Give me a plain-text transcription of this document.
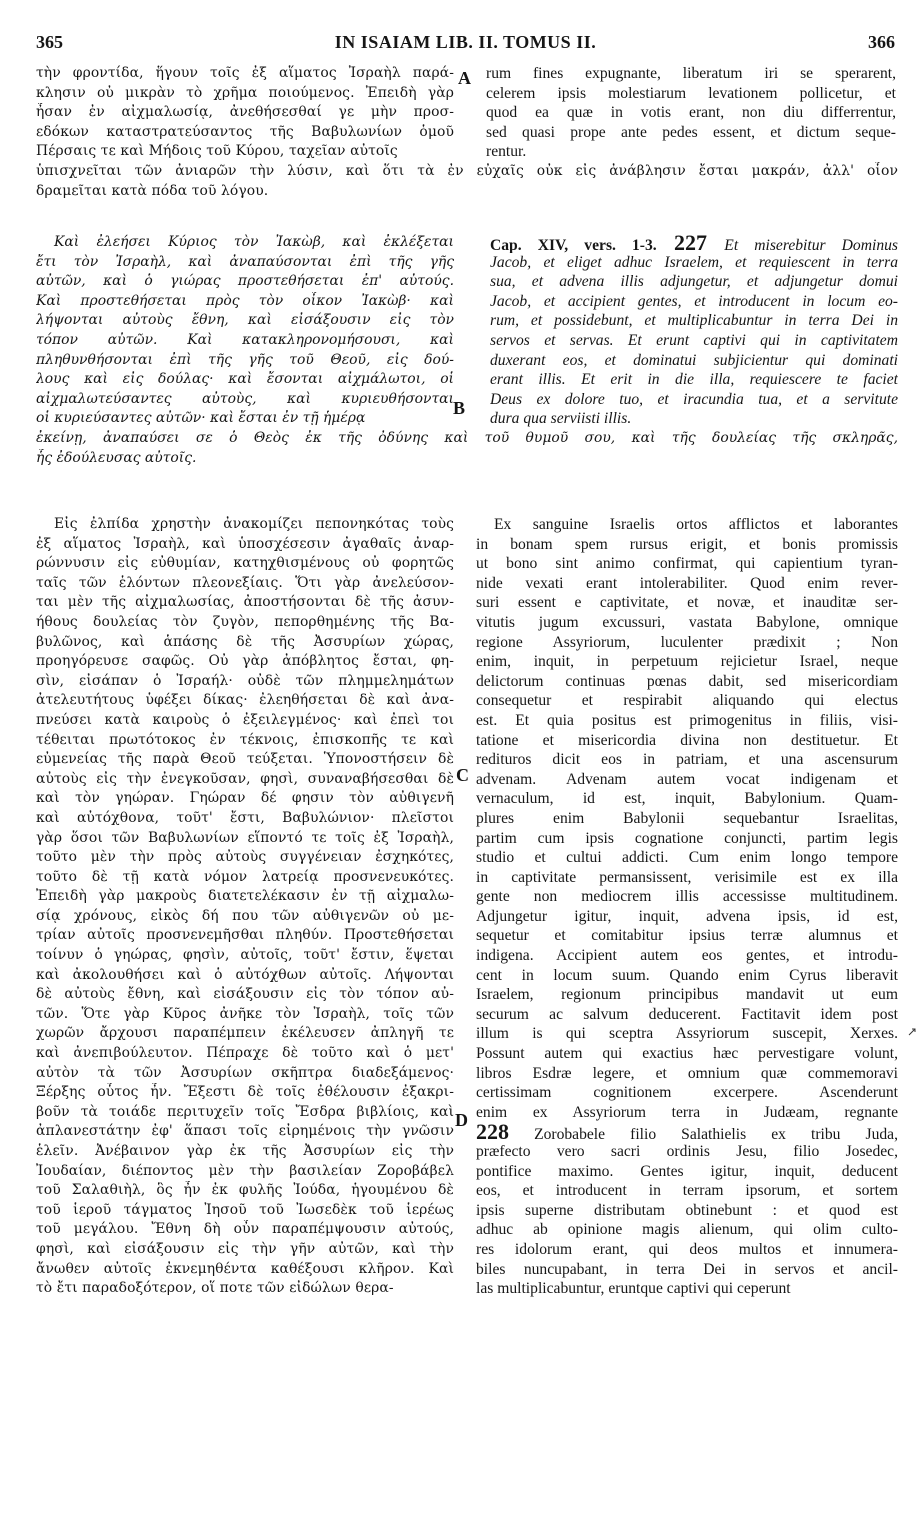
365	IN ISAIAM LIB. II. TOMUS II.	366
A
B
C
D
τὴν φροντίδα, ἥγουν τοῖς ἐξ αἵματος Ἰσραὴλ παρά-
κλησιν οὐ μικρὰν τὸ χρῆμα ποιούμενος. Ἐπειδὴ γὰρ
ἦσαν ἐν αἰχμαλωσίᾳ, ἀνεθήσεσθαί γε μὴν προσ-
εδόκων καταστρατεύσαντος τῆς Βαβυλωνίων ὁμοῦ
Πέρσαις τε καὶ Μήδοις τοῦ Κύρου, ταχεῖαν αὐτοῖς
rum fines expugnante, liberatum iri se sperarent,
celerem ipsis molestiarum levationem pollicetur, et
quod ea quæ in votis erant, non diu differrentur,
sed quasi prope ante pedes essent, et dictum seque-
rentur.
ὑπισχνεῖται τῶν ἀνιαρῶν τὴν λύσιν, καὶ ὅτι τὰ ἐν εὐχαῖς οὐκ εἰς ἀνάβλησιν ἔσται μακράν, ἀλλ' οἷον
δραμεῖται κατὰ πόδα τοῦ λόγου.
Καὶ ἐλεήσει Κύριος τὸν Ἰακὼβ, καὶ ἐκλέξεται
ἔτι τὸν Ἰσραὴλ, καὶ ἀναπαύσονται ἐπὶ τῆς γῆς
αὐτῶν, καὶ ὁ γιώρας προστεθήσεται ἐπ' αὐτούς.
Καὶ προστεθήσεται πρὸς τὸν οἶκον Ἰακὼβ· καὶ
λήψονται αὐτοὺς ἔθνη, καὶ εἰσάξουσιν εἰς τὸν
τόπον αὐτῶν. Καὶ κατακληρονομήσουσι, καὶ
πληθυνθήσονται ἐπὶ τῆς γῆς τοῦ Θεοῦ, εἰς δού-
λους καὶ εἰς δούλας· καὶ ἔσονται αἰχμάλωτοι, οἱ
αἰχμαλωτεύσαντες αὐτοὺς, καὶ κυριευθήσονται
οἱ κυριεύσαντες αὐτῶν· καὶ ἔσται ἐν τῇ ἡμέρᾳ
Cap. XIV, vers. 1-3. 227 Et miserebitur Dominus
Jacob, et eliget adhuc Israelem, et requiescent in terra
sua, et advena illis adjungetur, et adjungetur domui
Jacob, et accipient gentes, et introducent in locum eo-
rum, et possidebunt, et multiplicabuntur in terra Dei in
servos et servas. Et erunt captivi qui in captivitatem
duxerant eos, et dominatui subjicientur qui dominati
erant illis. Et erit in die illa, requiescere te faciet
Deus ex dolore tuo, et iracundia tua, et a servitute
dura qua serviisti illis.
ἐκείνῃ, ἀναπαύσει σε ὁ Θεὸς ἐκ τῆς ὀδύνης καὶ τοῦ θυμοῦ σου, καὶ τῆς δουλείας τῆς σκληρᾶς,
ἧς ἐδούλευσας αὐτοῖς.
Εἰς ἐλπίδα χρηστὴν ἀνακομίζει πεπονηκότας τοὺς
ἐξ αἵματος Ἰσραὴλ, καὶ ὑποσχέσεσιν ἀγαθαῖς ἀναρ-
ρώννυσιν εἰς εὐθυμίαν, κατηχθισμένους οὐ φορητῶς
ταῖς τῶν ἑλόντων πλεονεξίαις. Ὅτι γὰρ ἀνελεύσον-
ται μὲν τῆς αἰχμαλωσίας, ἀποστήσονται δὲ τῆς ἀσυν-
ήθους δουλείας τὸν ζυγὸν, πεπορθημένης τῆς Βα-
βυλῶνος, καὶ ἁπάσης δὲ τῆς Ἀσσυρίων χώρας,
προηγόρευσε σαφῶς. Οὐ γὰρ ἀπόβλητος ἔσται, φη-
σὶν, εἰσάπαν ὁ Ἰσραήλ· οὐδὲ τῶν πλημμελημάτων
ἀτελευτήτους ὑφέξει δίκας· ἐλεηθήσεται δὲ καὶ ἀνα-
πνεύσει κατὰ καιροὺς ὁ ἐξειλεγμένος· καὶ ἐπεὶ τοι
τέθειται πρωτότοκος ἐν τέκνοις, ἐπισκοπῆς τε καὶ
εὐμενείας τῆς παρὰ Θεοῦ τεύξεται. Ὑπονοστήσειν δὲ
αὐτοὺς εἰς τὴν ἐνεγκοῦσαν, φησὶ, συναναβήσεσθαι δὲ
καὶ τὸν γηώραν. Γηώραν δέ φησιν τὸν αὐθιγενῆ
καὶ αὐτόχθονα, τοῦτ' ἔστι, Βαβυλώνιον· πλεῖστοι
γὰρ ὅσοι τῶν Βαβυλωνίων εἵποντό τε τοῖς ἐξ Ἰσραὴλ,
τοῦτο μὲν τὴν πρὸς αὐτοὺς συγγένειαν ἐσχηκότες,
τοῦτο δὲ τῇ κατὰ νόμον λατρείᾳ προσνενευκότες.
Ἐπειδὴ γὰρ μακροὺς διατετελέκασιν ἐν τῇ αἰχμαλω-
σίᾳ χρόνους, εἰκὸς δή που τῶν αὐθιγενῶν οὐ με-
τρίαν αὐτοῖς προσνενεμῆσθαι πληθύν. Προστεθήσεται
τοίνυν ὁ γηώρας, φησὶν, αὐτοῖς, τοῦτ' ἔστιν, ἕψεται
καὶ ἀκολουθήσει καὶ ὁ αὐτόχθων αὐτοῖς. Λήψονται
δὲ αὐτοὺς ἔθνη, καὶ εἰσάξουσιν εἰς τὸν τόπον αὐ-
τῶν. Ὅτε γὰρ Κῦρος ἀνῆκε τὸν Ἰσραὴλ, τοῖς τῶν
χωρῶν ἄρχουσι παραπέμπειν ἐκέλευσεν ἀπληγῆ τε
καὶ ἀνεπιβούλευτον. Πέπραχε δὲ τοῦτο καὶ ὁ μετ'
αὐτὸν τὰ τῶν Ἀσσυρίων σκῆπτρα διαδεξάμενος·
Ξέρξης οὗτος ἦν. Ἔξεστι δὲ τοῖς ἐθέλουσιν ἐξακρι-
βοῦν τὰ τοιάδε περιτυχεῖν τοῖς Ἔσδρα βιβλίοις, καὶ
ἀπλανεστάτην ἐφ' ἅπασι τοῖς εἰρημένοις τὴν γνῶσιν
ἑλεῖν. Ἀνέβαινον γὰρ ἐκ τῆς Ἀσσυρίων εἰς τὴν
Ἰουδαίαν, διέποντος μὲν τὴν βασιλείαν Ζοροβάβελ
τοῦ Σαλαθιὴλ, ὃς ἦν ἐκ φυλῆς Ἰούδα, ἡγουμένου δὲ
τοῦ ἱεροῦ τάγματος Ἰησοῦ τοῦ Ἰωσεδὲκ τοῦ ἱερέως
τοῦ μεγάλου. Ἔθνη δὴ οὖν παραπέμψουσιν αὐτούς,
φησὶ, καὶ εἰσάξουσιν εἰς τὴν γῆν αὐτῶν, καὶ τὴν
ἄνωθεν αὐτοῖς ἐκνεμηθέντα καθέξουσι κλῆρον. Καὶ
τὸ ἔτι παραδοξότερον, οἵ ποτε τῶν εἰδώλων θερα-
Ex sanguine Israelis ortos afflictos et laborantes
in bonam spem rursus erigit, et bonis promissis
ut bono sint animo confirmat, qui capientium tyran-
nide vexati erant intolerabiliter. Quod enim rever-
suri essent e captivitate, et novæ, et inauditæ ser-
vitutis jugum excussuri, vastata Babylone, omnique
regione Assyriorum, luculenter prædixit ; Non
enim, inquit, in perpetuum rejicietur Israel, neque
delictorum continuas pœnas dabit, sed misericordiam
consequetur et respirabit aliquando qui electus
est. Et quia positus est primogenitus in filiis, visi-
tatione et misericordia divina non destituetur. Et
redituros dicit eos in patriam, et una ascensurum
advenam. Advenam autem vocat indigenam et
vernaculum, id est, inquit, Babylonium. Quam-
plures enim Babylonii sequebantur Israelitas,
partim cum ipsis cognatione conjuncti, partim legis
studio et cultui addicti. Cum enim longo tempore
in captivitate permansissent, verisimile est ex illa
gente non mediocrem illis accessisse multitudinem.
Adjungetur igitur, inquit, advena ipsis, id est,
sequetur et comitabitur ipsius terræ alumnus et
indigena. Accipient autem eos gentes, et introdu-
cent in locum suum. Quando enim Cyrus liberavit
Israelem, regionum principibus mandavit ut eum
securum ac salvum deducerent. Factitavit idem post
illum is qui sceptra Assyriorum suscepit, Xerxes.
Possunt autem qui exactius hæc pervestigare volunt,
libros Esdræ legere, et omnium quæ commemoravi
certissimam cognitionem excerpere. Ascenderunt
enim ex Assyriorum terra in Judæam, regnante
228 Zorobabele filio Salathielis ex tribu Juda,
præfecto vero sacri ordinis Jesu, filio Josedec,
pontifice maximo. Gentes igitur, inquit, deducent
eos, et introducent in terram ipsorum, et sortem
ipsis superne distributam obtinebunt : et quod est
adhuc ab opinione magis alienum, qui olim culto-
res idolorum erant, qui deos multos et innumera-
biles nuncupabant, in terra Dei in servos et ancil-
las multiplicabuntur, eruntque captivi qui ceperunt
